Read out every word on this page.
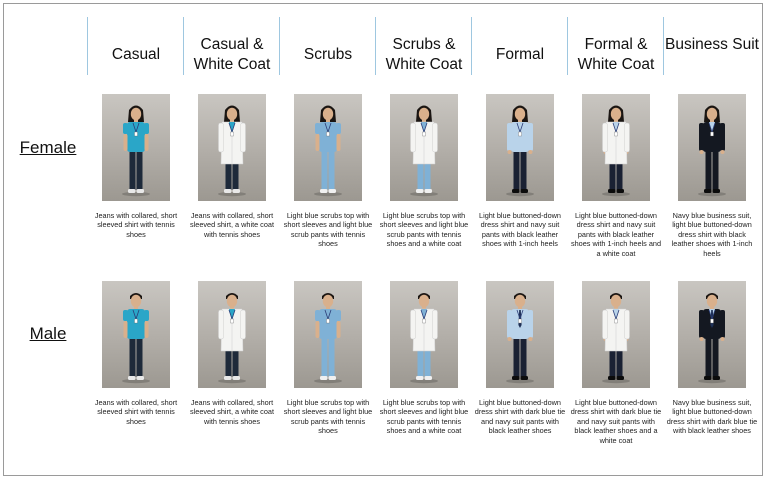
Female
Male
Casual
Jeans with collared, short sleeved shirt with tennis shoes
Jeans with collared, short sleeved shirt with tennis shoes
Casual & White Coat
Jeans with collared, short sleeved shirt, a white coat with tennis shoes
Jeans with collared, short sleeved shirt, a white coat with tennis shoes
Scrubs
Light blue scrubs top with short sleeves and light blue scrub pants with tennis shoes
Light blue scrubs top with short sleeves and light blue scrub pants with tennis shoes
Scrubs & White Coat
Light blue scrubs top with short sleeves and light blue scrub pants with tennis shoes and a white coat
Light blue scrubs top with short sleeves and light blue scrub pants with tennis shoes and a white coat
Formal
Light blue buttoned-down dress shirt and navy suit pants with black leather shoes with 1-inch heels
Light blue buttoned-down dress shirt with dark blue tie and navy suit pants with black leather shoes
Formal & White Coat
Light blue buttoned-down dress shirt and navy suit pants with black leather shoes with 1-inch heels and a white coat
Light blue buttoned-down dress shirt with dark blue tie and navy suit pants with black leather shoes and a white coat
Business Suit
Navy blue business suit, light blue buttoned-down dress shirt with black leather shoes with 1-inch heels
Navy blue business suit, light blue buttoned-down dress shirt with dark blue tie with black leather shoes
